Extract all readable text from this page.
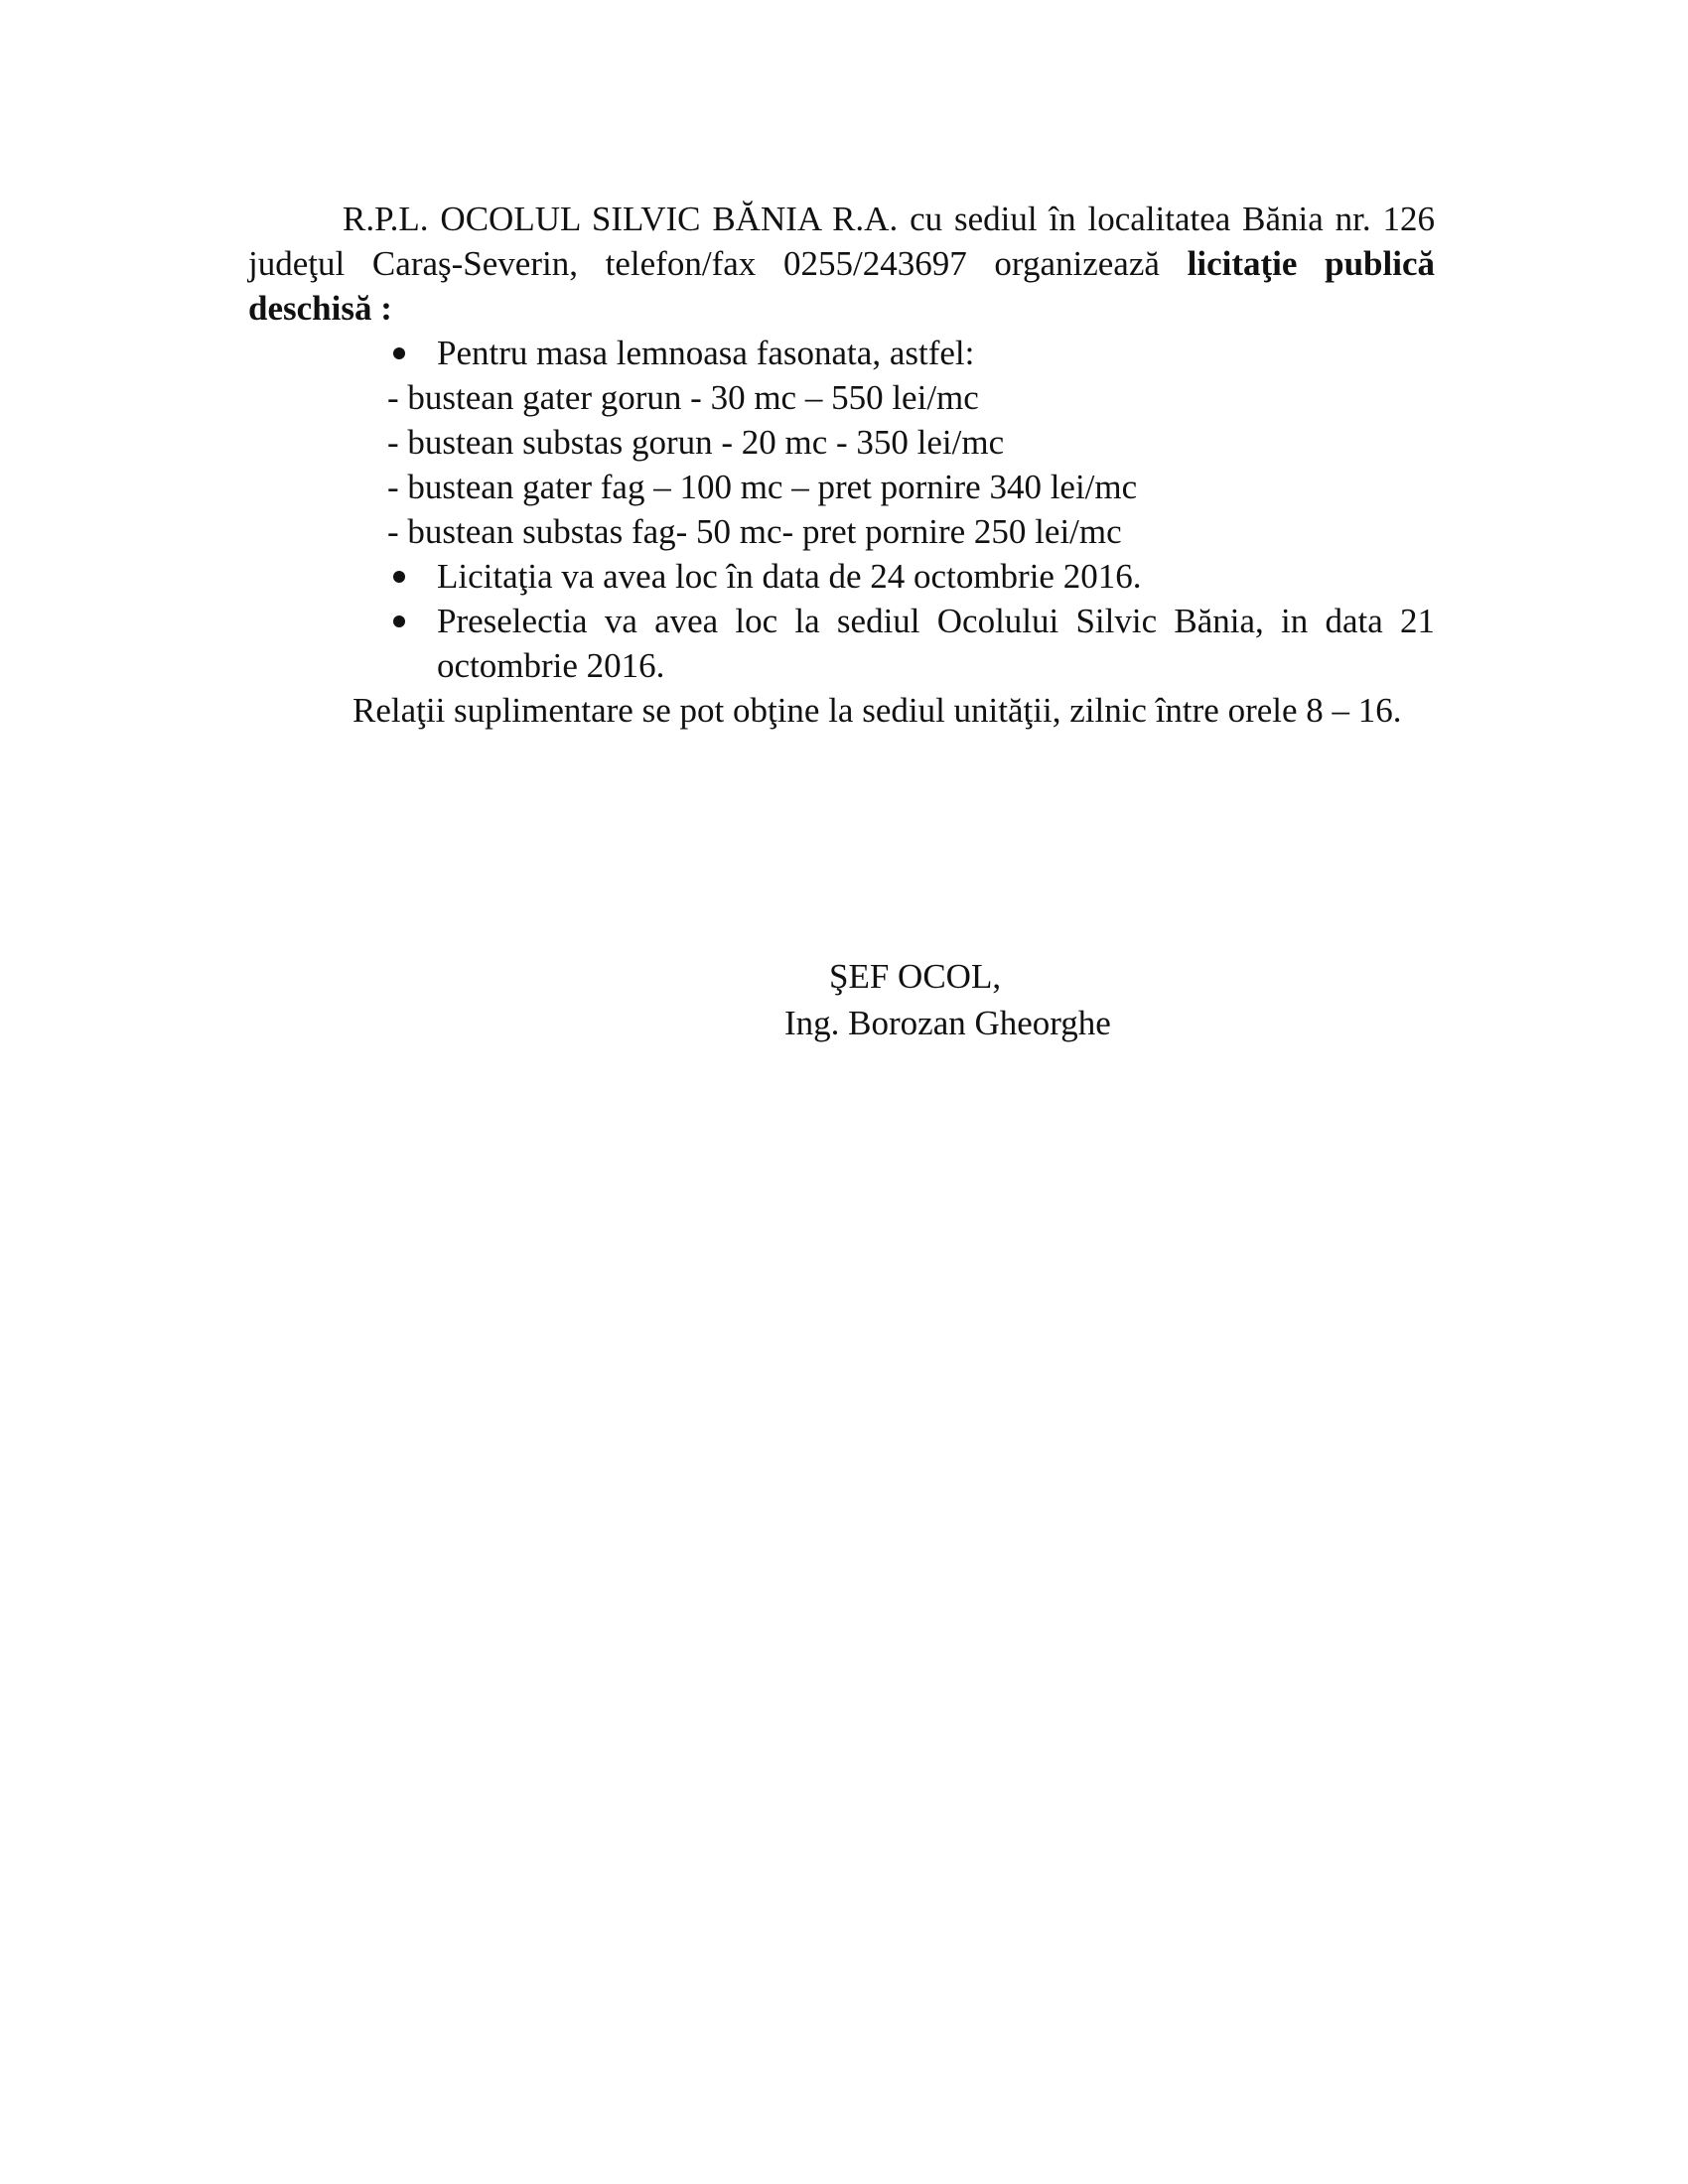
R.P.L. OCOLUL SILVIC BĂNIA R.A. cu sediul în localitatea Bănia nr. 126 judeţul Caraş-Severin, telefon/fax 0255/243697 organizează licitaţie publică deschisă :

Pentru masa lemnoasa fasonata, astfel:
- bustean gater gorun - 30 mc – 550 lei/mc
- bustean substas gorun - 20 mc - 350 lei/mc
- bustean gater fag – 100 mc – pret pornire 340 lei/mc
- bustean substas fag- 50 mc- pret pornire 250 lei/mc
Licitaţia va avea loc în data de 24 octombrie 2016.
Preselectia va avea loc la sediul Ocolului Silvic Bănia, in data 21 octombrie 2016.

Relaţii suplimentare se pot obţine la sediul unităţii, zilnic între orele 8 – 16.

ŞEF OCOL,
Ing. Borozan Gheorghe
